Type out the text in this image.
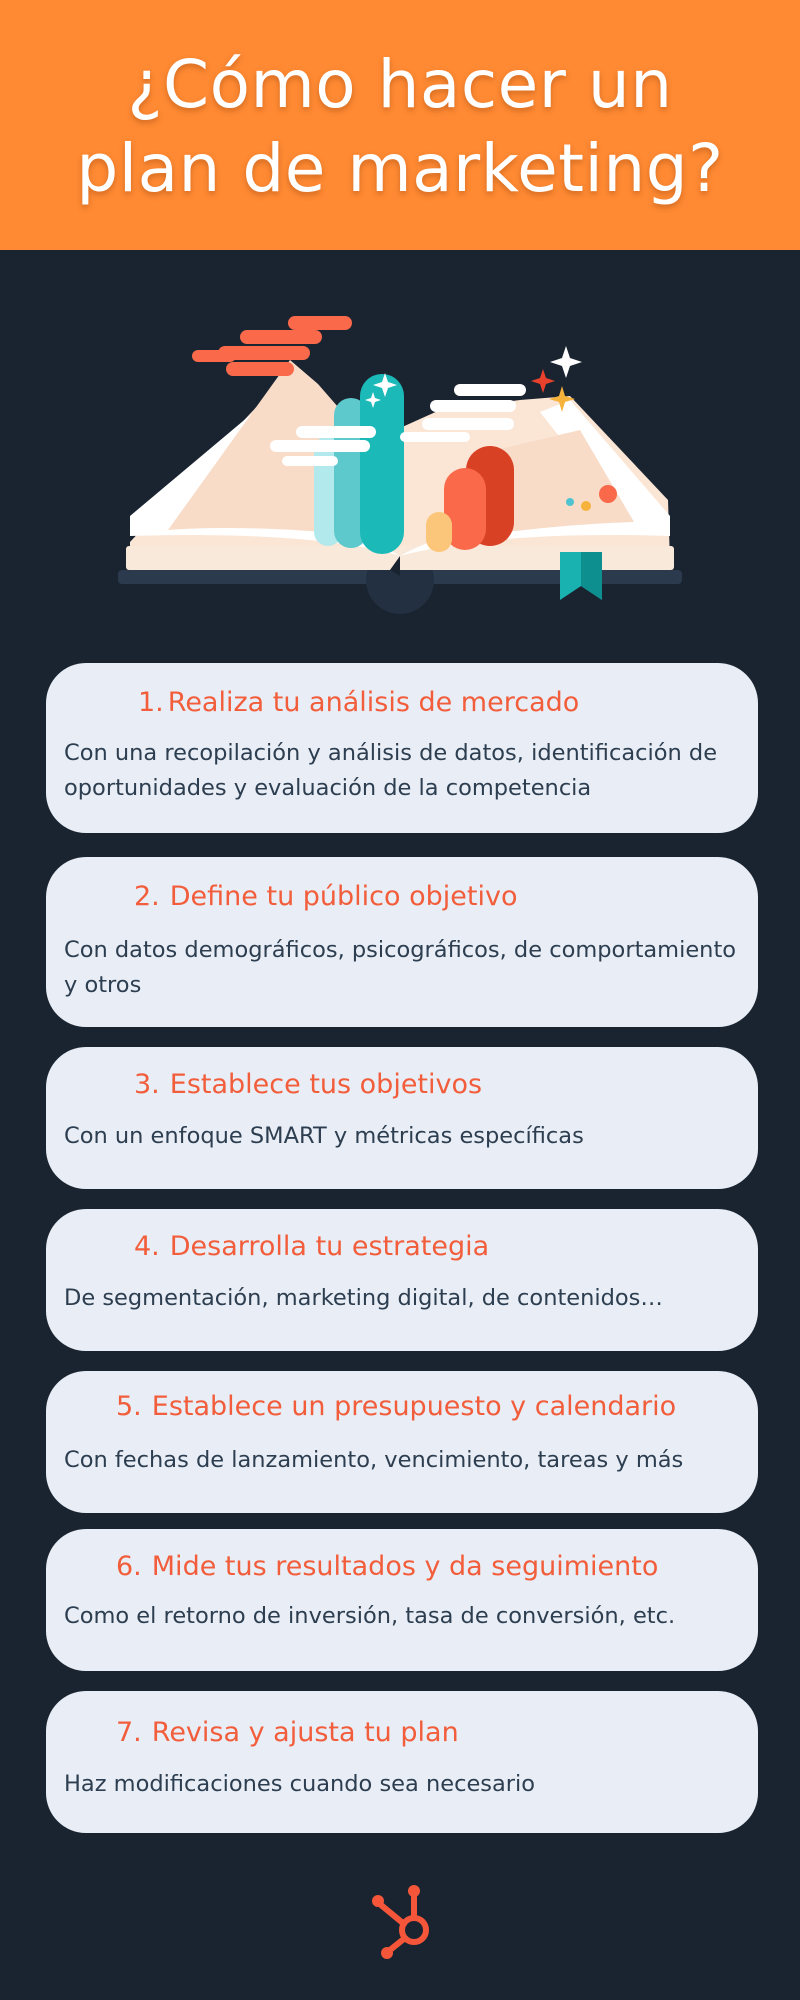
¿Cómo hacer un
plan de marketing?
1. Realiza tu análisis de mercado

Con una recopilación y análisis de datos, identificación de oportunidades y evaluación de la competencia

2. Define tu público objetivo

Con datos demográficos, psicográficos, de comportamiento y otros

3. Establece tus objetivos

Con un enfoque SMART y métricas específicas

4. Desarrolla tu estrategia

De segmentación, marketing digital, de contenidos…

5. Establece un presupuesto y calendario

Con fechas de lanzamiento, vencimiento, tareas y más

6. Mide tus resultados y da seguimiento

Como el retorno de inversión, tasa de conversión, etc.

7. Revisa y ajusta tu plan

Haz modificaciones cuando sea necesario
